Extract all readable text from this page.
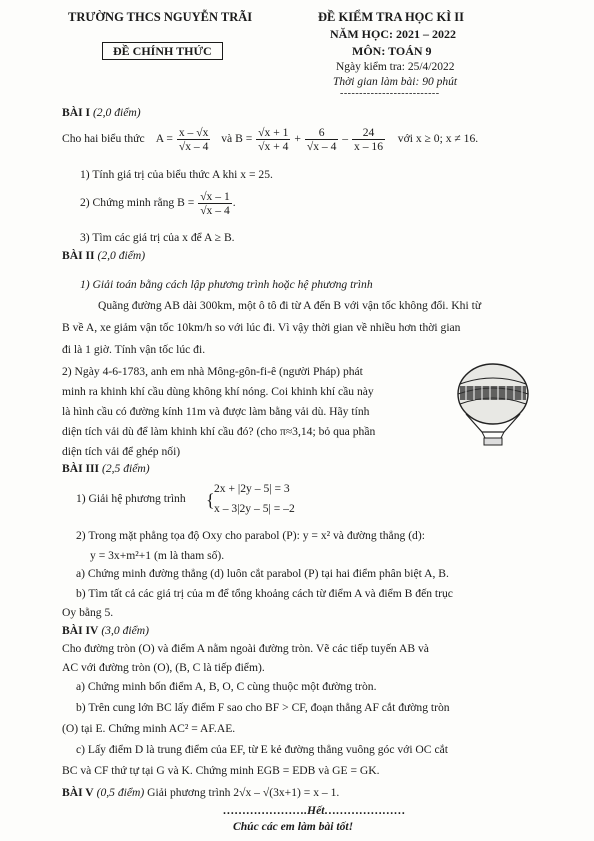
TRƯỜNG THCS NGUYỄN TRÃI
ĐỀ CHÍNH THỨC
ĐỀ KIỂM TRA HỌC KÌ II
NĂM HỌC: 2021 – 2022
MÔN: TOÁN 9
Ngày kiểm tra: 25/4/2022
Thời gian làm bài: 90 phút
--------------------------
BÀI I (2,0 điểm)
Cho hai biểu thức $A = \frac{x - √x}{√x - 4}$ và $B = \frac{√x + 1}{√x + 4} + \frac{6}{√x - 4} - \frac{24}{x - 16}$ với x ≥ 0; x ≠ 16.
1) Tính giá trị của biểu thức A khi x = 25.
2) Chứng minh rằng $B = \frac{√x - 1}{√x - 4}$ .
3) Tìm các giá trị của x để A ≥ B.
BÀI II (2,0 điểm)
1) Giải toán bằng cách lập phương trình hoặc hệ phương trình
Quãng đường AB dài 300km, một ô tô đi từ A đến B với vận tốc không đổi. Khi từ
B về A, xe giảm vận tốc 10km/h so với lúc đi. Vì vậy thời gian về nhiều hơn thời gian
đi là 1 giờ. Tính vận tốc lúc đi.
2) Ngày 4-6-1783, anh em nhà Mông-gôn-fi-ê (người Pháp) phát
minh ra khinh khí cầu dùng không khí nóng. Coi khinh khí cầu này
là hình cầu có đường kính 11m và được làm bằng vải dù. Hãy tính
diện tích vải dù để làm khinh khí cầu đó? (cho π≈3,14; bỏ qua phần
diện tích vải để ghép nối)
BÀI III (2,5 điểm)
1) Giải hệ phương trình {
2x + |2y – 5| = 3
x – 3|2y – 5| = –2
2) Trong mặt phẳng tọa độ Oxy cho parabol (P): y = x² và đường thẳng (d):
y = 3x+m²+1 (m là tham số).
a) Chứng minh đường thẳng (d) luôn cắt parabol (P) tại hai điểm phân biệt A, B.
b) Tìm tất cả các giá trị của m để tổng khoảng cách từ điểm A và điểm B đến trục
Oy bằng 5.
BÀI IV (3,0 điểm)
Cho đường tròn (O) và điểm A nằm ngoài đường tròn. Vẽ các tiếp tuyến AB và
AC với đường tròn (O), (B, C là tiếp điểm).
a) Chứng minh bốn điểm A, B, O, C cùng thuộc một đường tròn.
b) Trên cung lớn BC lấy điểm F sao cho BF > CF, đoạn thẳng AF cắt đường tròn
(O) tại E. Chứng minh AC² = AF.AE.
c) Lấy điểm D là trung điểm của EF, từ E kẻ đường thẳng vuông góc với OC cắt
BC và CF thứ tự tại G và K. Chứng minh EGB = EDB và GE = GK.
BÀI V (0,5 điểm) Giải phương trình 2√x – √(3x+1) = x – 1.
………………….Hết…………………
Chúc các em làm bài tốt!
